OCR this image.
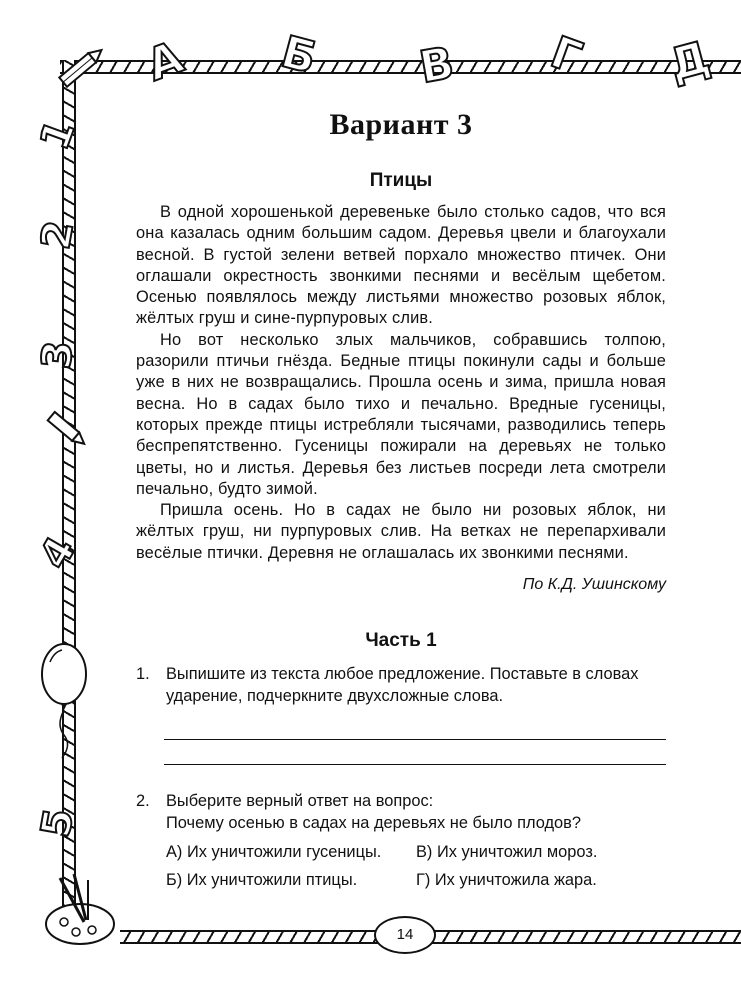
А Б В Г Д
1
2
3
4
5
Вариант 3
Птицы

В одной хорошенькой деревеньке было столько садов, что вся она казалась одним большим садом. Деревья цвели и благоухали весной. В густой зелени ветвей порхало множество птичек. Они оглашали окрестность звонкими песнями и весёлым щебетом. Осенью появлялось между листьями множество розовых яблок, жёлтых груш и сине-пурпуровых слив.

Но вот несколько злых мальчиков, собравшись толпою, разорили птичьи гнёзда. Бедные птицы покинули сады и больше уже в них не возвращались. Прошла осень и зима, пришла новая весна. Но в садах было тихо и печально. Вредные гусеницы, которых прежде птицы истребляли тысячами, разводились теперь беспрепятственно. Гусеницы пожирали на деревьях не только цветы, но и листья. Деревья без листьев посреди лета смотрели печально, будто зимой.

Пришла осень. Но в садах не было ни розовых яблок, ни жёлтых груш, ни пурпуровых слив. На ветках не перепархивали весёлые птички. Деревня не оглашалась их звонкими песнями.

По К.Д. Ушинскому
Часть 1
1. Выпишите из текста любое предложение. Поставьте в словах ударение, подчеркните двухсложные слова.
2. Выберите верный ответ на вопрос:
Почему осенью в садах на деревьях не было плодов?
А) Их уничтожили гусеницы.	В) Их уничтожил мороз.
Б) Их уничтожили птицы.	Г) Их уничтожила жара.
14
